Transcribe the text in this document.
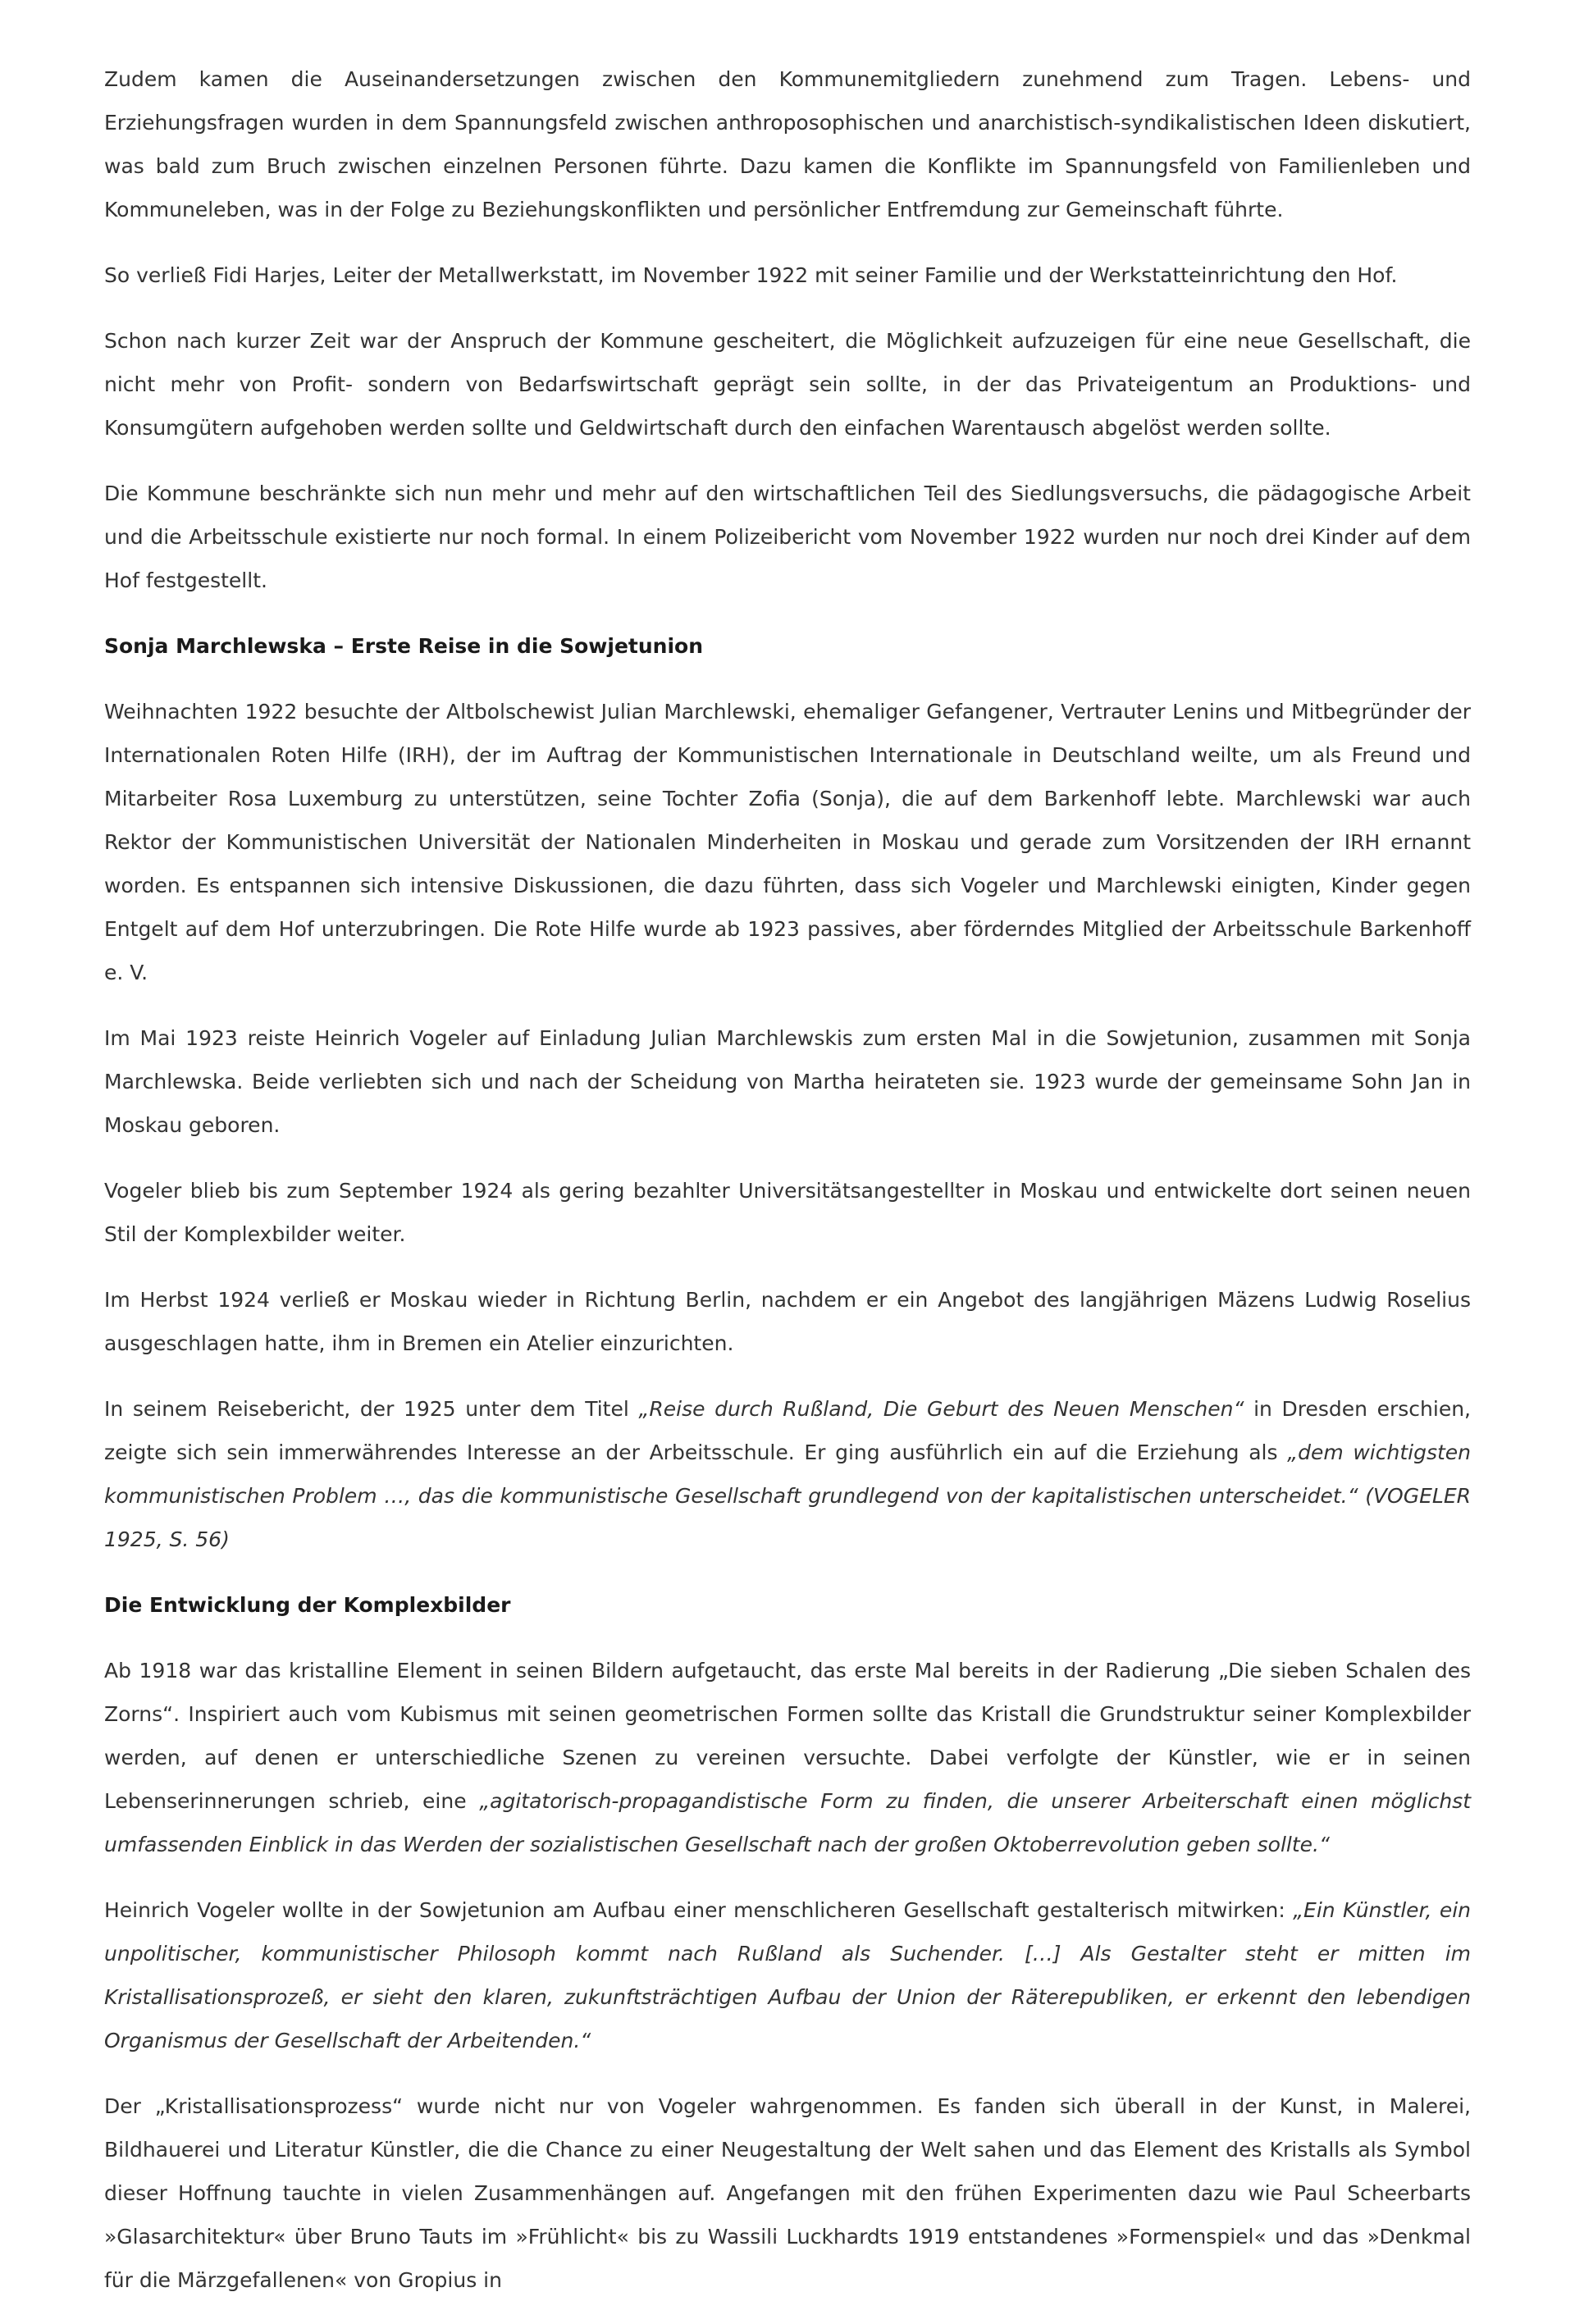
Zudem kamen die Auseinandersetzungen zwischen den Kommunemitgliedern zunehmend zum Tragen. Lebens- und Erziehungsfragen wurden in dem Spannungsfeld zwischen anthroposophischen und anarchistisch-syndikalistischen Ideen diskutiert, was bald zum Bruch zwischen einzelnen Personen führte. Dazu kamen die Konflikte im Spannungsfeld von Familienleben und Kommuneleben, was in der Folge zu Beziehungskonflikten und persönlicher Entfremdung zur Gemeinschaft führte.

So verließ Fidi Harjes, Leiter der Metallwerkstatt, im November 1922 mit seiner Familie und der Werkstatteinrichtung den Hof.

Schon nach kurzer Zeit war der Anspruch der Kommune gescheitert, die Möglichkeit aufzuzeigen für eine neue Gesellschaft, die nicht mehr von Profit- sondern von Bedarfswirtschaft geprägt sein sollte, in der das Privateigentum an Produktions- und Konsumgütern aufgehoben werden sollte und Geldwirtschaft durch den einfachen Warentausch abgelöst werden sollte.

Die Kommune beschränkte sich nun mehr und mehr auf den wirtschaftlichen Teil des Siedlungsversuchs, die pädagogische Arbeit und die Arbeitsschule existierte nur noch formal. In einem Polizeibericht vom November 1922 wurden nur noch drei Kinder auf dem Hof festgestellt.

Sonja Marchlewska – Erste Reise in die Sowjetunion

Weihnachten 1922 besuchte der Altbolschewist Julian Marchlewski, ehemaliger Gefangener, Vertrauter Lenins und Mitbegründer der Internationalen Roten Hilfe (IRH), der im Auftrag der Kommunistischen Internationale in Deutschland weilte, um als Freund und Mitarbeiter Rosa Luxemburg zu unterstützen, seine Tochter Zofia (Sonja), die auf dem Barkenhoff lebte. Marchlewski war auch Rektor der Kommunistischen Universität der Nationalen Minderheiten in Moskau und gerade zum Vorsitzenden der IRH ernannt worden. Es entspannen sich intensive Diskussionen, die dazu führten, dass sich Vogeler und Marchlewski einigten, Kinder gegen Entgelt auf dem Hof unterzubringen. Die Rote Hilfe wurde ab 1923 passives, aber förderndes Mitglied der Arbeitsschule Barkenhoff e. V.

Im Mai 1923 reiste Heinrich Vogeler auf Einladung Julian Marchlewskis zum ersten Mal in die Sowjetunion, zusammen mit Sonja Marchlewska. Beide verliebten sich und nach der Scheidung von Martha heirateten sie. 1923 wurde der gemeinsame Sohn Jan in Moskau geboren.

Vogeler blieb bis zum September 1924 als gering bezahlter Universitätsangestellter in Moskau und entwickelte dort seinen neuen Stil der Komplexbilder weiter.

Im Herbst 1924 verließ er Moskau wieder in Richtung Berlin, nachdem er ein Angebot des langjährigen Mäzens Ludwig Roselius ausgeschlagen hatte, ihm in Bremen ein Atelier einzurichten.

In seinem Reisebericht, der 1925 unter dem Titel „Reise durch Rußland, Die Geburt des Neuen Menschen“ in Dresden erschien, zeigte sich sein immerwährendes Interesse an der Arbeitsschule. Er ging ausführlich ein auf die Erziehung als „dem wichtigsten kommunistischen Problem …, das die kommunistische Gesellschaft grundlegend von der kapitalistischen unterscheidet.“ (VOGELER 1925, S. 56)

Die Entwicklung der Komplexbilder

Ab 1918 war das kristalline Element in seinen Bildern aufgetaucht, das erste Mal bereits in der Radierung „Die sieben Schalen des Zorns“. Inspiriert auch vom Kubismus mit seinen geometrischen Formen sollte das Kristall die Grundstruktur seiner Komplexbilder werden, auf denen er unterschiedliche Szenen zu vereinen versuchte. Dabei verfolgte der Künstler, wie er in seinen Lebenserinnerungen schrieb, eine „agitatorisch-propagandistische Form zu finden, die unserer Arbeiterschaft einen möglichst umfassenden Einblick in das Werden der sozialistischen Gesellschaft nach der großen Oktoberrevolution geben sollte.“

Heinrich Vogeler wollte in der Sowjetunion am Aufbau einer menschlicheren Gesellschaft gestalterisch mitwirken: „Ein Künstler, ein unpolitischer, kommunistischer Philosoph kommt nach Rußland als Suchender. […] Als Gestalter steht er mitten im Kristallisationsprozeß, er sieht den klaren, zukunftsträchtigen Aufbau der Union der Räterepubliken, er erkennt den lebendigen Organismus der Gesellschaft der Arbeitenden.“

Der „Kristallisationsprozess“ wurde nicht nur von Vogeler wahrgenommen. Es fanden sich überall in der Kunst, in Malerei, Bildhauerei und Literatur Künstler, die die Chance zu einer Neugestaltung der Welt sahen und das Element des Kristalls als Symbol dieser Hoffnung tauchte in vielen Zusammenhängen auf. Angefangen mit den frühen Experimenten dazu wie Paul Scheerbarts »Glasarchitektur« über Bruno Tauts im »Frühlicht« bis zu Wassili Luckhardts 1919 entstandenes »Formenspiel« und das »Denkmal für die Märzgefallenen« von Gropius in
